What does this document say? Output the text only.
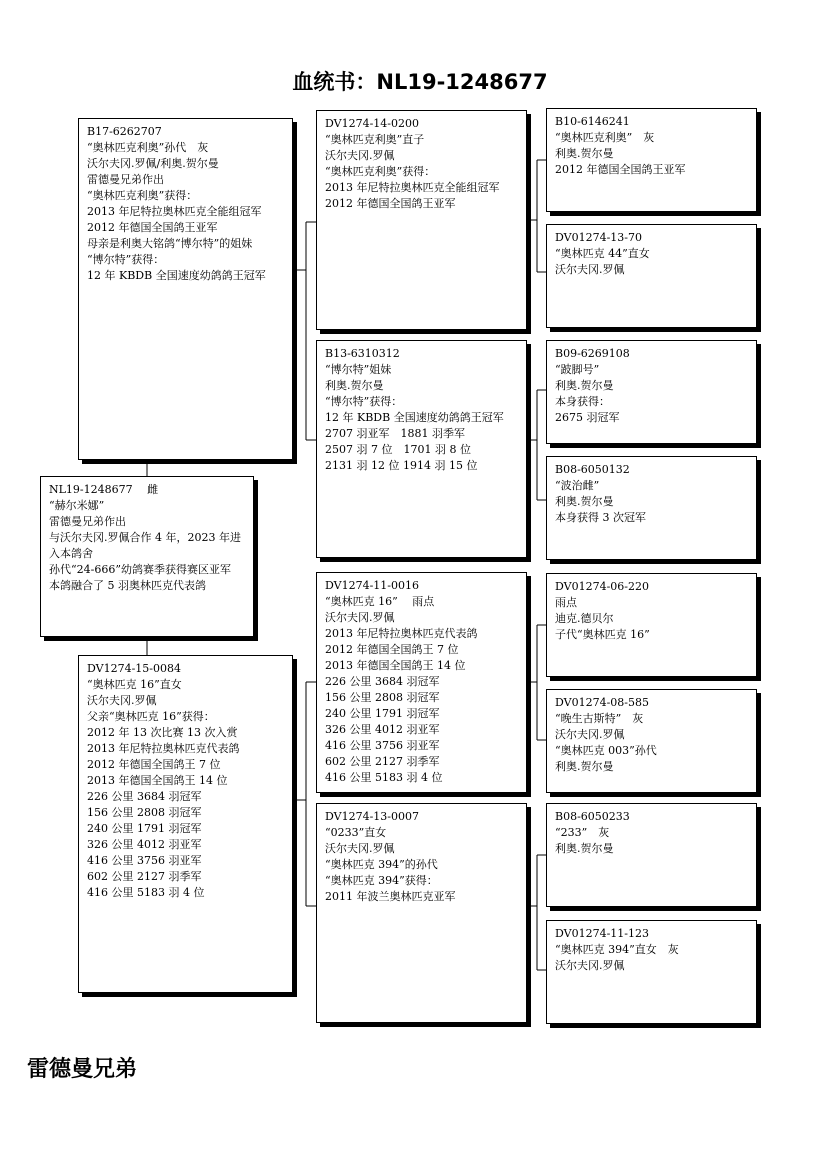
血统书：NL19-1248677
NL19-1248677　 雌
“赫尔米娜”
雷德曼兄弟作出
与沃尔夫冈.罗佩合作 4 年，2023 年进入本鸽舍
孙代“24-666”幼鸽赛季获得赛区亚军
本鸽融合了 5 羽奥林匹克代表鸽
B17-6262707
“奥林匹克利奥”孙代　灰
沃尔夫冈.罗佩/利奥.贺尔曼
雷德曼兄弟作出
“奥林匹克利奥”获得：
2013 年尼特拉奥林匹克全能组冠军
2012 年德国全国鸽王亚军
母亲是利奥大铭鸽“博尔特”的姐妹
“博尔特”获得：
12 年 KBDB 全国速度幼鸽鸽王冠军
DV1274-15-0084
“奥林匹克 16”直女
沃尔夫冈.罗佩
父亲“奥林匹克 16”获得：
2012 年 13 次比赛 13 次入赏
2013 年尼特拉奥林匹克代表鸽
2012 年德国全国鸽王 7 位
2013 年德国全国鸽王 14 位
226 公里 3684 羽冠军
156 公里 2808 羽冠军
240 公里 1791 羽冠军
326 公里 4012 羽亚军
416 公里 3756 羽亚军
602 公里 2127 羽季军
416 公里 5183 羽 4 位
DV1274-14-0200
“奥林匹克利奥”直子
沃尔夫冈.罗佩
“奥林匹克利奥”获得：
2013 年尼特拉奥林匹克全能组冠军
2012 年德国全国鸽王亚军
B13-6310312
“博尔特”姐妹
利奥.贺尔曼
“博尔特”获得：
12 年 KBDB 全国速度幼鸽鸽王冠军
2707 羽亚军　1881 羽季军
2507 羽 7 位　1701 羽 8 位
2131 羽 12 位 1914 羽 15 位
DV1274-11-0016
“奥林匹克 16”　 雨点
沃尔夫冈.罗佩
2013 年尼特拉奥林匹克代表鸽
2012 年德国全国鸽王 7 位
2013 年德国全国鸽王 14 位
226 公里 3684 羽冠军
156 公里 2808 羽冠军
240 公里 1791 羽冠军
326 公里 4012 羽亚军
416 公里 3756 羽亚军
602 公里 2127 羽季军
416 公里 5183 羽 4 位
DV1274-13-0007
“0233”直女
沃尔夫冈.罗佩
“奥林匹克 394”的孙代
“奥林匹克 394”获得：
2011 年波兰奥林匹克亚军
B10-6146241
“奥林匹克利奥”　灰
利奥.贺尔曼
2012 年德国全国鸽王亚军
DV01274-13-70
“奥林匹克 44”直女
沃尔夫冈.罗佩
B09-6269108
“跛脚号”
利奥.贺尔曼
本身获得：
2675 羽冠军
B08-6050132
“波治雌”
利奥.贺尔曼
本身获得 3 次冠军
DV01274-06-220
雨点
迪克.德贝尔
子代“奥林匹克 16”
DV01274-08-585
“晚生古斯特”　灰
沃尔夫冈.罗佩
“奥林匹克 003”孙代
利奥.贺尔曼
B08-6050233
“233”　灰
利奥.贺尔曼
DV01274-11-123
“奥林匹克 394”直女　灰
沃尔夫冈.罗佩
雷德曼兄弟
